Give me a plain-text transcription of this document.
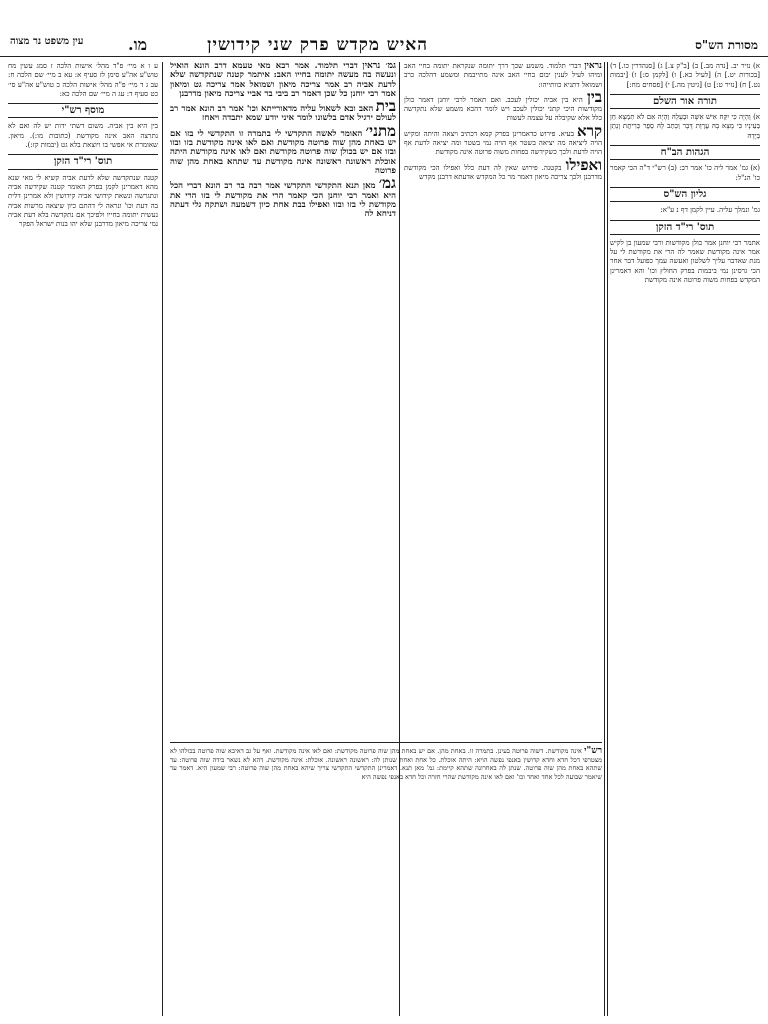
מסורת הש"ס
האיש מקדש פרק שני קידושין
מו.
עין משפט נר מצוה

א) נזיר יב. [נדה מב.] ב) [ב"ק צ.] ג) [סנהדרין כו.] ד) [בכורות יט.] ה) [לעיל כא.] ו) [לקמן ס:] ז) [יבמות נט.] ח) [נזיר ט:] ט) [גיטין מה.] י) [פסחים מח:]

תורה אור השלם

א) וְהָיָה כִּי יִקַּח אִישׁ אִשָּׁה וּבְעָלָהּ וְהָיָה אִם לֹא תִמְצָא חֵן בְּעֵינָיו כִּי מָצָא בָהּ עֶרְוַת דָּבָר וְכָתַב לָהּ סֵפֶר כְּרִיתֻת וְנָתַן בְּיָדָהּ

הגהות הב"ח

(א) גמ' אמר ליה כו' אמר רב: (ב) רש"י ד"ה הכי קאמר כו' הנ"ל:

גליון הש"ס

גמ' ונמלך עליה. עיין לקמן דף נ ע"א:

תוס' רי"ד הזקן

אתמר רבי יוחנן אמר כולן מקודשות ורבי שמעון בן לקיש אמר אינה מקודשת שאמר לה הרי את מקודשת לי על מנת שאדבר עליך לשלטון ואעשה עמך כפועל דבר אחר הכי גרסינן נמי ביבמות בפרק החולץ וכו' והא דאמרינן המקדש בפחות משוה פרוטה אינה מקודשת

נראין דברי תלמוד. משמע שכך דרך יתומה שנקראת יתומה בחיי האב ומיהו לעיל לענין יבום בחיי האב אינה מתייבמת ומשמע דהלכה כרב ושמואל דתניא כוותייהו:

בין היא בין אביה יכולין לעכב. ואם תאמר לרבי יוחנן דאמר כולן מקודשות היכי קתני יכולין לעכב ויש לומר דהכא משמע שלא נתקדשה כלל אלא שקיבלה על עצמה לעשות

קרא בעיא. פירוש כדאמרינן בפרק קמא דכתיב ויצאה והיתה ומקיש הויה ליציאה מה יציאה בשטר אף הויה נמי בשטר ומה יציאה לדעת אף הויה לדעת ולכך כשקידשה בפחות משוה פרוטה אינה מקודשת

ואפילו בקטנה. פירוש שאין לה דעת כלל ואפילו הכי מקודשת מדרבנן ולכך צריכה מיאון דאמר מר כל המקדש אדעתא דרבנן מקדש

גמ׳ נראין דברי תלמוד. אמר רבא מאי טעמא דרב הונא הואיל ונעשה בה מעשה יתומה בחייו האב: איתמר קטנה שנתקדשה שלא לדעת אביה רב אמר צריכה מיאון ושמואל אמר צריכה גט ומיאון אמר רבי יוחנן כל שכן דאמר רב ביבי בר אביי צריכה מיאון מדרבנן

בית האב ובא לשאול עליה מדאורייתא וכו' אמר רב הונא אמר רב לעולם ירגיל אדם בלשונו לומר איני יודע שמא יתבדה ויאחז

מתני׳ האומר לאשה התקדשי לי בתמרה זו התקדשי לי בזו אם יש באחת מהן שוה פרוטה מקודשת ואם לאו אינה מקודשת בזו ובזו ובזו אם יש בכולן שוה פרוטה מקודשת ואם לאו אינה מקודשת היתה אוכלת ראשונה ראשונה אינה מקודשת עד שתהא באחת מהן שוה פרוטה

גמ׳ מאן תנא התקדשי התקדשי אמר רבה בר רב הונא דברי הכל היא ואמר רבי יוחנן הכי קאמר הרי את מקודשת לי בזו הרי את מקודשת לי בזו ובזו ואפילו בבת אחת כיון דשמעה ושתקה גלי דעתה דניחא לה

רש"י אינה מקודשת. דשוה פרוטה בעינן. בתמרה זו. באחת מהן. אם יש באחת מהן שוה פרוטה מקודשת: ואם לאו אינה מקודשת. ואף על גב דאיכא שוה פרוטה בכולהו לא מצטרפי דכל חדא וחדא קדושין באנפי נפשה הויא: היתה אוכלת. כל אחת ואחת שנותן לה: ראשונה ראשונה. אוכלת: אינה מקודשת. דהא לא נשאר בידה שוה פרוטה: עד שתהא באחת מהן שוה פרוטה. שנתן לה באחרונה שתהא קיימת: גמ' מאן תנא. דאמרינן התקדשי התקדשי צריך שיהא באחת מהן שוה פרוטה: רבי שמעון היא. דאמר עד שיאמר שבועה לכל אחד ואחד וכו' ואם לאו אינה מקודשת שהרי חזרה וכל חדא באנפי נפשה היא

ע ו א מיי׳ פ"ד מהל׳ אישות הלכה ז סמג עשין מח טוש"ע אה"ע סימן לז סעיף א: עא ב מיי׳ שם הלכה ח: עב ג ד מיי׳ פ"ה מהל׳ אישות הלכה כ טוש"ע אה"ע סי׳ כט סעיף ד: עג ה מיי׳ שם הלכה כא:

מוסף רש"י

בין היא בין אביה. משום דשתי ידות יש לה ואם לא נתרצה האב אינה מקודשת (כתובות מו:). מיאון. שאומרת אי אפשי בו ויוצאת בלא גט (יבמות קז:).

תוס' רי"ד הזקן

קטנה שנתקדשה שלא לדעת אביה קשיא לי מאי שנא מהא דאמרינן לקמן בפרק האומר קטנה שקידשה אביה ונתגרשה ונשאת קידושי אביה קידושין ולא אמרינן דלית בה דעת וכו' ונראה לי דהתם כיון שיצאה מרשות אביה נעשית יתומה בחייו ולפיכך אם נתקדשה בלא דעת אביה נמי צריכה מיאון מדרבנן שלא יהו בנות ישראל הפקר
